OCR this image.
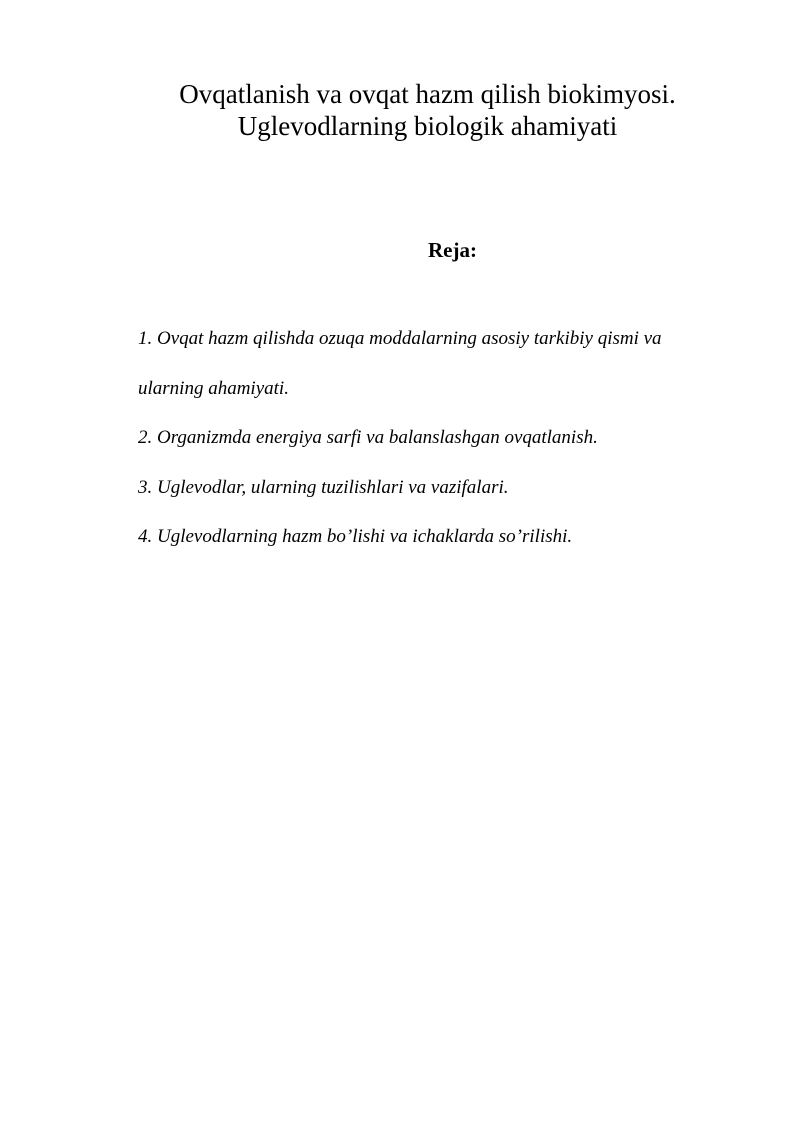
Ovqatlanish va ovqat hazm qilish biokimyosi.
Uglevodlarning biologik ahamiyati
Reja:
1. Ovqat hazm qilishda ozuqa moddalarning asosiy tarkibiy qismi va
ularning ahamiyati.
2. Organizmda energiya sarfi va balanslashgan ovqatlanish.
3. Uglevodlar, ularning tuzilishlari va vazifalari.
4. Uglevodlarning hazm bo’lishi va ichaklarda so’rilishi.
